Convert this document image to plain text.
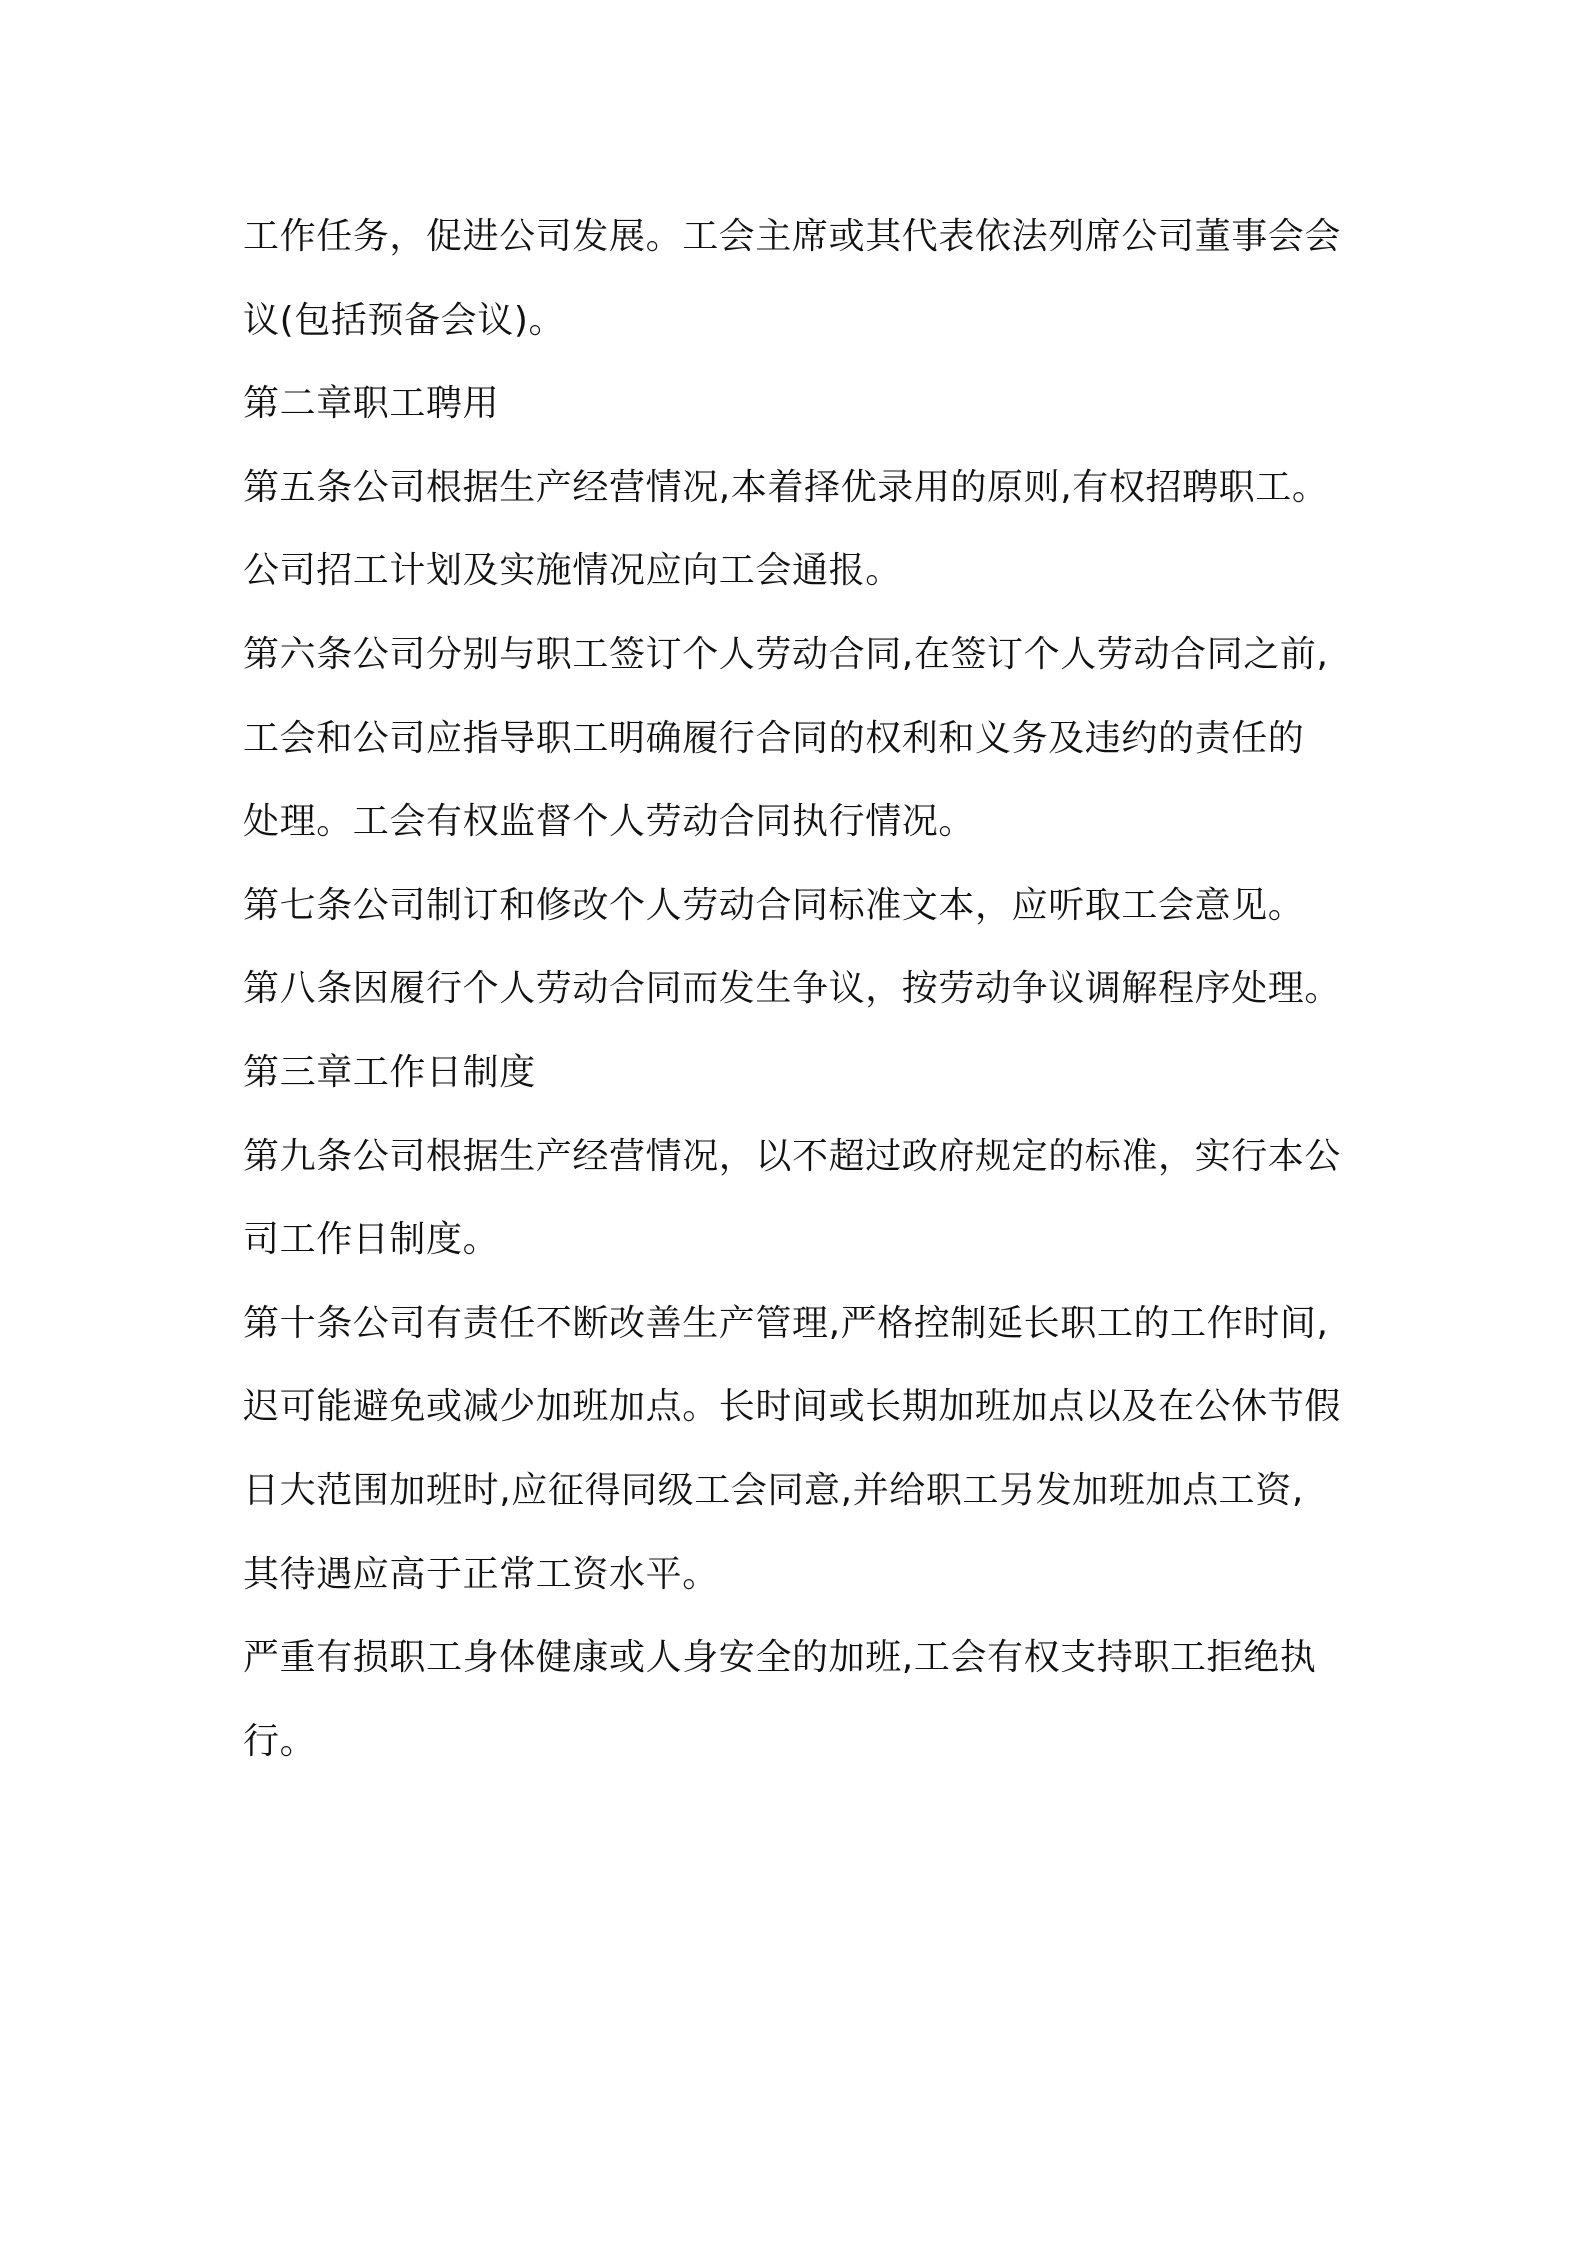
工作任务，促进公司发展。工会主席或其代表依法列席公司董事会会
议(包括预备会议)。
第二章职工聘用
第五条公司根据生产经营情况,本着择优录用的原则,有权招聘职工。
公司招工计划及实施情况应向工会通报。
第六条公司分别与职工签订个人劳动合同,在签订个人劳动合同之前,
工会和公司应指导职工明确履行合同的权利和义务及违约的责任的
处理。工会有权监督个人劳动合同执行情况。
第七条公司制订和修改个人劳动合同标准文本，应听取工会意见。
第八条因履行个人劳动合同而发生争议，按劳动争议调解程序处理。
第三章工作日制度
第九条公司根据生产经营情况，以不超过政府规定的标准，实行本公
司工作日制度。
第十条公司有责任不断改善生产管理,严格控制延长职工的工作时间,
迟可能避免或减少加班加点。长时间或长期加班加点以及在公休节假
日大范围加班时,应征得同级工会同意,并给职工另发加班加点工资,
其待遇应高于正常工资水平。
严重有损职工身体健康或人身安全的加班,工会有权支持职工拒绝执
行。
